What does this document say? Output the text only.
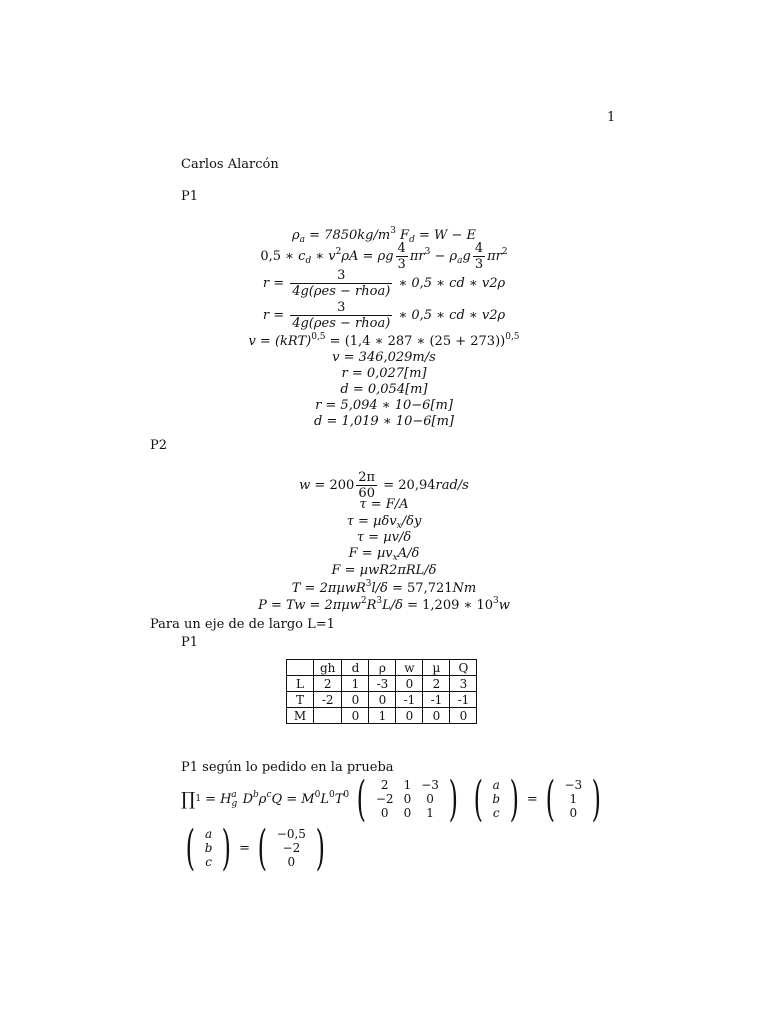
1
Carlos Alarcón
P1
$\rho_a = 7850kg/m^3$ $F_d = W - E$
0,5 ∗ $c_d$ ∗ $v^2\rho A = \rho g \frac{4}{3} \pi r^3 - \rho_ag \frac{4}{3} \pi r^2$
$r = \frac{3}{\text{4g(ρes − rhoa)}}$ ∗ 0,5 ∗ cd ∗ v2ρ
$r = \frac{3}{\text{4g(ρes − rhoa)}}$ ∗ 0,5 ∗ cd ∗ v2ρ
v = (kRT)$^{0,5}$ = (1,4 ∗ 287 ∗ (25 + 273))$^{0,5}$
v = 346,029m/s
r = 0,027[m]
d = 0,054[m]
r = 5,094 ∗ 10−6[m]
d = 1,019 ∗ 10−6[m]
P2
$w = 200 \frac{2\pi}{60} = 20,94rad/s$
τ = F/A
τ = µδv$_x$/δy
τ = µv/δ
F = µv$_x$A/δ
F = µwR2πRL/δ
T = 2πµwR$^3$l/δ = 57,721Nm
$P = Tw = 2\pi\mu w^2R^3L/\delta = 1,209$ ∗ $10^3w$
Para un eje de de largo L=1
P1
	gh	d	ρ	w	µ	Q
L	2	1	-3	0	2	3
T	-2	0	0	-1	-1	-1
M		0	1	0	0	0
P1 según lo pedido en la prueba
∏ $1 = H_g^a$ $D^b\rho^cQ = M^0L^0T^0$ ( 2	1	−3
−2	0	0
0	0	1 ) ( a
b
c ) = ( −3
1
0 )
( a
b
c ) = ( −0,5
−2
0 )
